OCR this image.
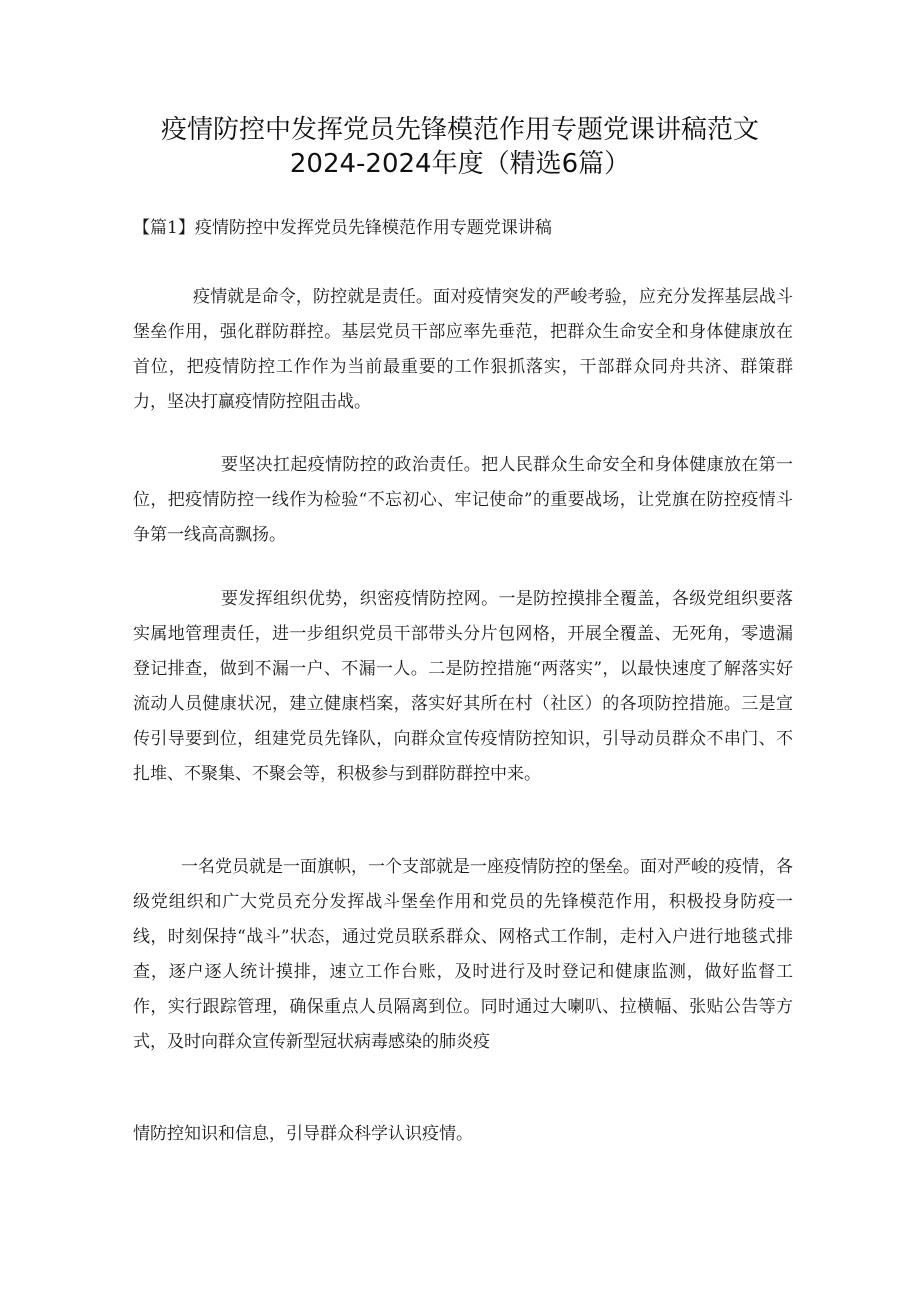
疫情防控中发挥党员先锋模范作用专题党课讲稿范文
2024-2024年度（精选6篇）
【篇1】疫情防控中发挥党员先锋模范作用专题党课讲稿
疫情就是命令，防控就是责任。面对疫情突发的严峻考验，应充分发挥基层战斗堡垒作用，强化群防群控。基层党员干部应率先垂范，把群众生命安全和身体健康放在首位，把疫情防控工作作为当前最重要的工作狠抓落实，干部群众同舟共济、群策群力，坚决打赢疫情防控阻击战。
要坚决扛起疫情防控的政治责任。把人民群众生命安全和身体健康放在第一位，把疫情防控一线作为检验“不忘初心、牢记使命”的重要战场，让党旗在防控疫情斗争第一线高高飘扬。
要发挥组织优势，织密疫情防控网。一是防控摸排全覆盖，各级党组织要落实属地管理责任，进一步组织党员干部带头分片包网格，开展全覆盖、无死角，零遗漏登记排查，做到不漏一户、不漏一人。二是防控措施“两落实”，以最快速度了解落实好流动人员健康状况，建立健康档案，落实好其所在村（社区）的各项防控措施。三是宣传引导要到位，组建党员先锋队，向群众宣传疫情防控知识，引导动员群众不串门、不扎堆、不聚集、不聚会等，积极参与到群防群控中来。
一名党员就是一面旗帜，一个支部就是一座疫情防控的堡垒。面对严峻的疫情，各级党组织和广大党员充分发挥战斗堡垒作用和党员的先锋模范作用，积极投身防疫一线，时刻保持“战斗”状态，通过党员联系群众、网格式工作制，走村入户进行地毯式排查，逐户逐人统计摸排，速立工作台账，及时进行及时登记和健康监测，做好监督工作，实行跟踪管理，确保重点人员隔离到位。同时通过大喇叭、拉横幅、张贴公告等方式，及时向群众宣传新型冠状病毒感染的肺炎疫
情防控知识和信息，引导群众科学认识疫情。
